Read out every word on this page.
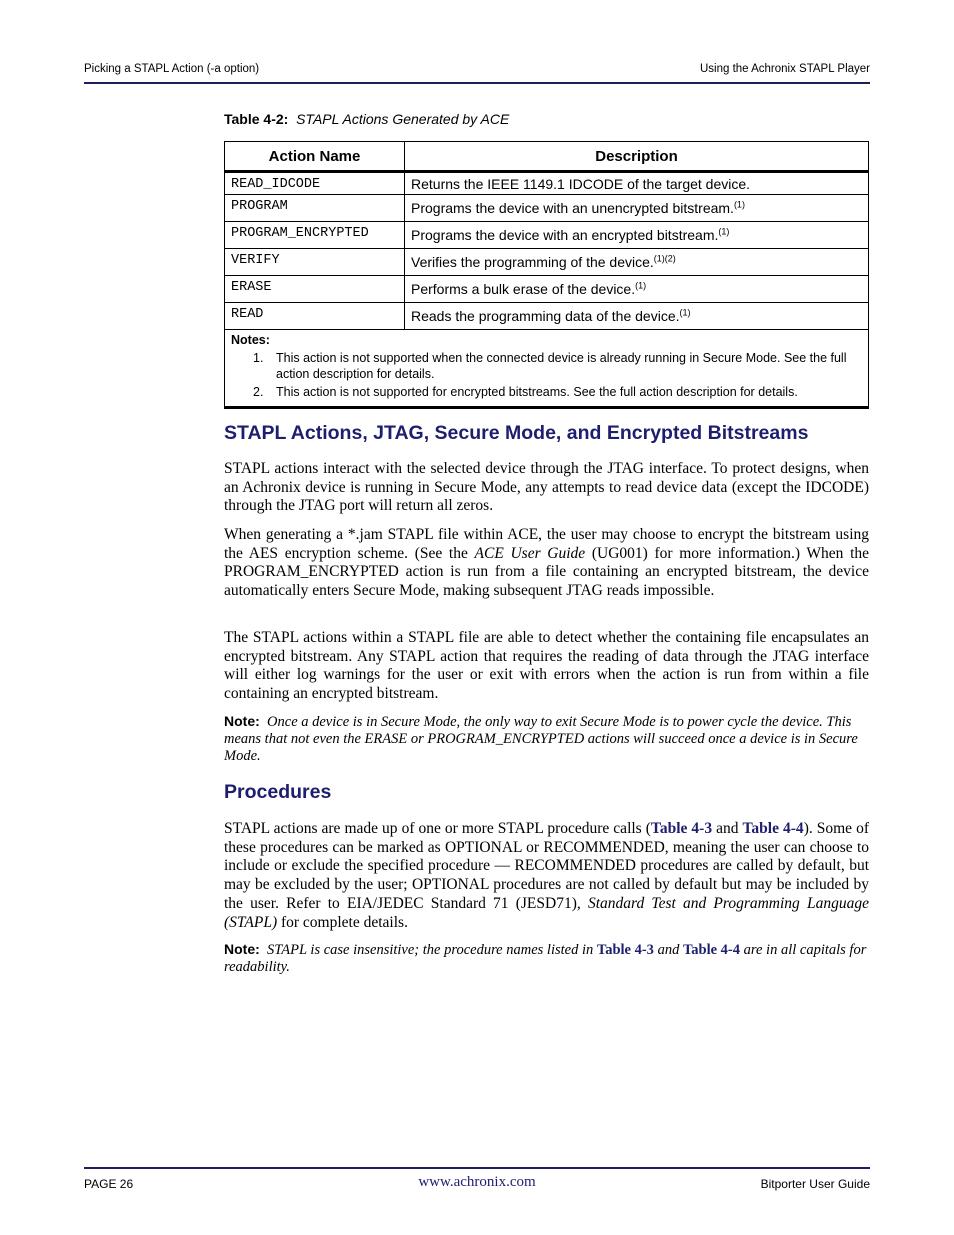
Picking a STAPL Action (-a option)	Using the Achronix STAPL Player
Table 4-2: STAPL Actions Generated by ACE
Action Name	Description
READ_IDCODE	Returns the IEEE 1149.1 IDCODE of the target device.
PROGRAM	Programs the device with an unencrypted bitstream.$^{(1)}$
PROGRAM_ENCRYPTED	Programs the device with an encrypted bitstream.$^{(1)}$
VERIFY	Verifies the programming of the device.$^{(1)(2)}$
ERASE	Performs a bulk erase of the device.$^{(1)}$
READ	Reads the programming data of the device.$^{(1)}$

Notes:
1. This action is not supported when the connected device is already running in Secure Mode. See the full action description for details.
2. This action is not supported for encrypted bitstreams. See the full action description for details.	
STAPL Actions, JTAG, Secure Mode, and Encrypted Bitstreams
STAPL actions interact with the selected device through the JTAG interface. To protect designs, when an Achronix device is running in Secure Mode, any attempts to read device data (except the IDCODE) through the JTAG port will return all zeros.
When generating a *.jam STAPL file within ACE, the user may choose to encrypt the bitstream using the AES encryption scheme. (See the ACE User Guide (UG001) for more information.) When the PROGRAM_ENCRYPTED action is run from a file containing an encrypted bitstream, the device automatically enters Secure Mode, making subsequent JTAG reads impossible.
The STAPL actions within a STAPL file are able to detect whether the containing file encapsulates an encrypted bitstream. Any STAPL action that requires the reading of data through the JTAG interface will either log warnings for the user or exit with errors when the action is run from within a file containing an encrypted bitstream.
Note: Once a device is in Secure Mode, the only way to exit Secure Mode is to power cycle the device. This means that not even the ERASE or PROGRAM_ENCRYPTED actions will succeed once a device is in Secure Mode.
Procedures
STAPL actions are made up of one or more STAPL procedure calls (Table 4-3 and Table 4-4). Some of these procedures can be marked as OPTIONAL or RECOMMENDED, meaning the user can choose to include or exclude the specified procedure — RECOMMENDED procedures are called by default, but may be excluded by the user; OPTIONAL procedures are not called by default but may be included by the user. Refer to EIA/JEDEC Standard 71 (JESD71), Standard Test and Programming Language (STAPL) for complete details.
Note: STAPL is case insensitive; the procedure names listed in Table 4-3 and Table 4-4 are in all capitals for readability.
PAGE 26	www.achronix.com	Bitporter User Guide
